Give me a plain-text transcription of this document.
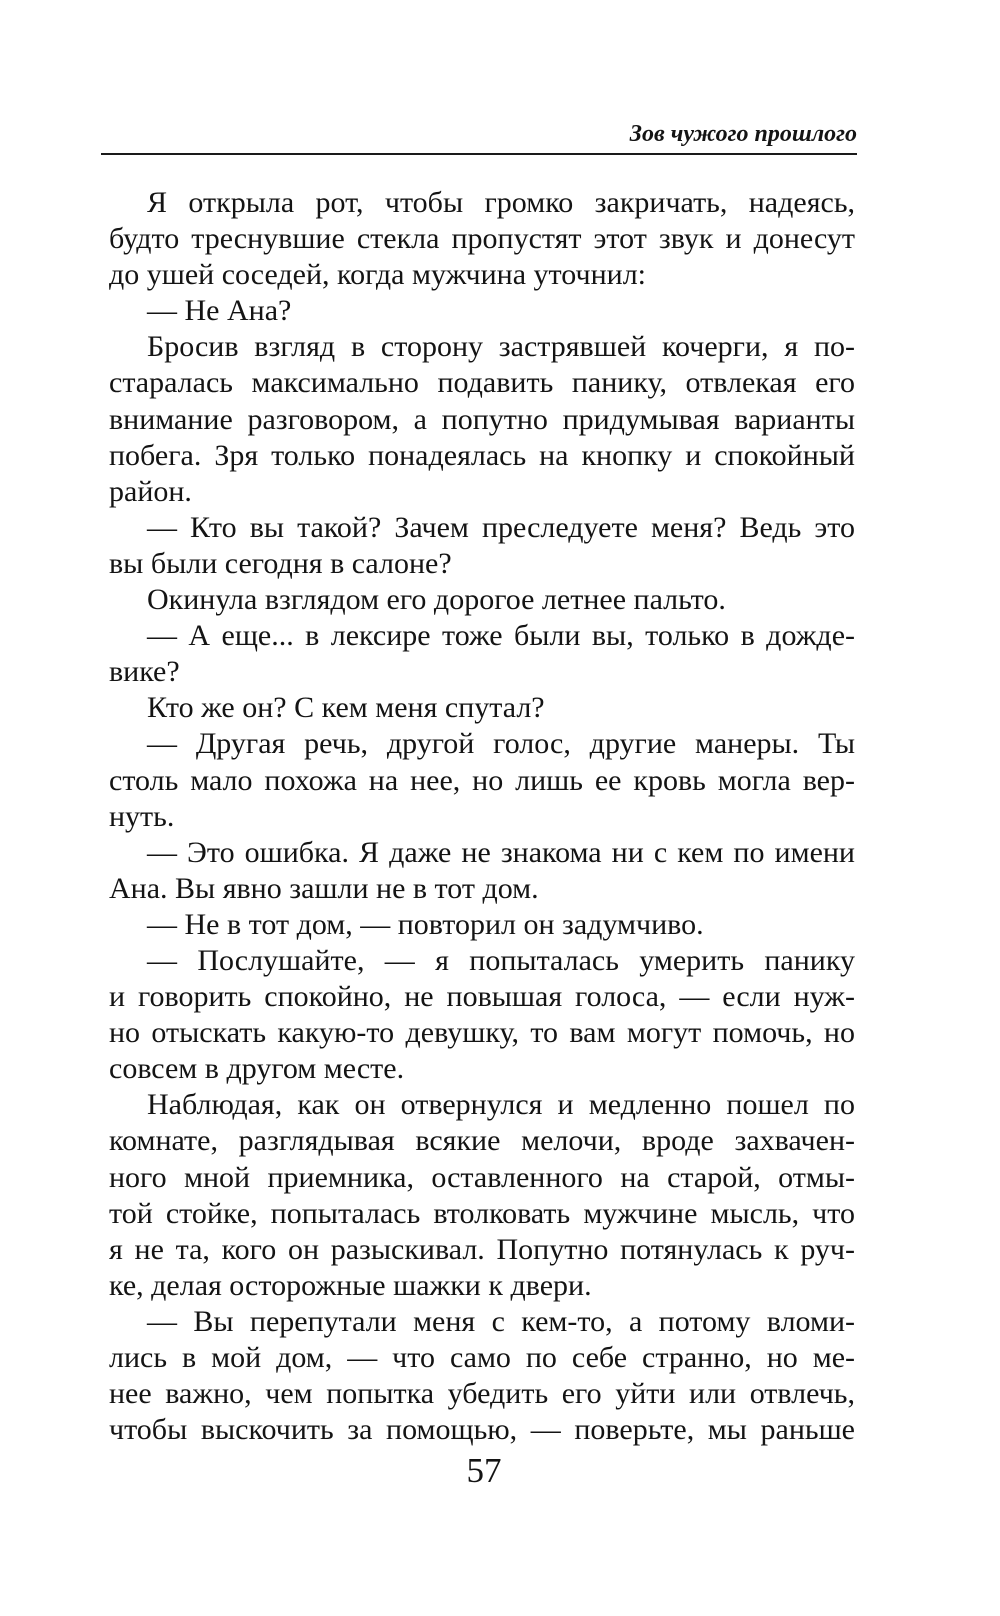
Зов чужого прошлого
Я открыла рот, чтобы громко закричать, надеясь,
будто треснувшие стекла пропустят этот звук и донесут
до ушей соседей, когда мужчина уточнил:
— Не Ана?
Бросив взгляд в сторону застрявшей кочерги, я по-
старалась максимально подавить панику, отвлекая его
внимание разговором, а попутно придумывая варианты
побега. Зря только понадеялась на кнопку и спокойный
район.
— Кто вы такой? Зачем преследуете меня? Ведь это
вы были сегодня в салоне?
Окинула взглядом его дорогое летнее пальто.
— А еще... в лексире тоже были вы, только в дожде-
вике?
Кто же он? С кем меня спутал?
— Другая речь, другой голос, другие манеры. Ты
столь мало похожа на нее, но лишь ее кровь могла вер-
нуть.
— Это ошибка. Я даже не знакома ни с кем по имени
Ана. Вы явно зашли не в тот дом.
— Не в тот дом, — повторил он задумчиво.
— Послушайте, — я попыталась умерить панику
и говорить спокойно, не повышая голоса, — если нуж-
но отыскать какую-то девушку, то вам могут помочь, но
совсем в другом месте.
Наблюдая, как он отвернулся и медленно пошел по
комнате, разглядывая всякие мелочи, вроде захвачен-
ного мной приемника, оставленного на старой, отмы-
той стойке, попыталась втолковать мужчине мысль, что
я не та, кого он разыскивал. Попутно потянулась к руч-
ке, делая осторожные шажки к двери.
— Вы перепутали меня с кем-то, а потому вломи-
лись в мой дом, — что само по себе странно, но ме-
нее важно, чем попытка убедить его уйти или отвлечь,
чтобы выскочить за помощью, — поверьте, мы раньше
57
